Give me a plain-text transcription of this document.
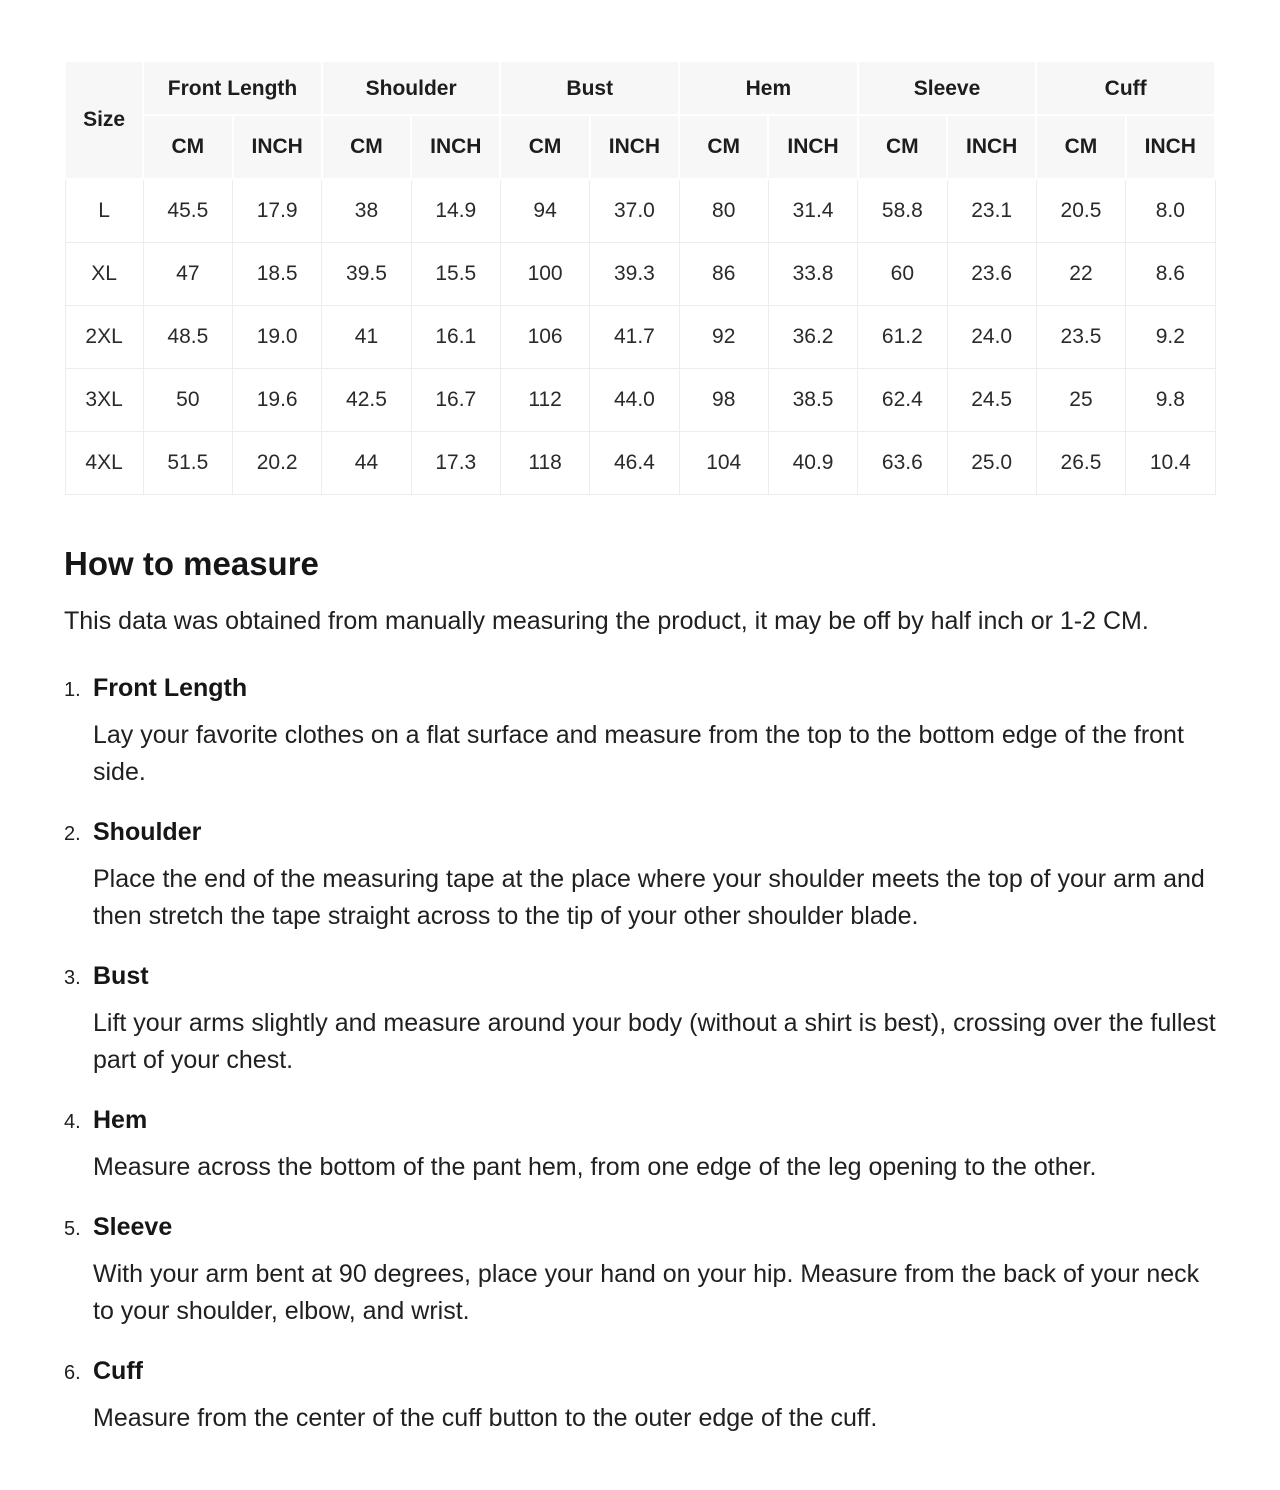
Size	Front Length		Shoulder		Bust		Hem		Sleeve		Cuff	
	CM	INCH	CM	INCH	CM	INCH	CM	INCH	CM	INCH	CM	INCH
L	45.5	17.9	38	14.9	94	37.0	80	31.4	58.8	23.1	20.5	8.0
XL	47	18.5	39.5	15.5	100	39.3	86	33.8	60	23.6	22	8.6
2XL	48.5	19.0	41	16.1	106	41.7	92	36.2	61.2	24.0	23.5	9.2
3XL	50	19.6	42.5	16.7	112	44.0	98	38.5	62.4	24.5	25	9.8
4XL	51.5	20.2	44	17.3	118	46.4	104	40.9	63.6	25.0	26.5	10.4
How to measure

This data was obtained from manually measuring the product, it may be off by half inch or 1-2 CM.

1. Front Length

Lay your favorite clothes on a flat surface and measure from the top to the bottom edge of the front side.

2. Shoulder

Place the end of the measuring tape at the place where your shoulder meets the top of your arm and then stretch the tape straight across to the tip of your other shoulder blade.

3. Bust

Lift your arms slightly and measure around your body (without a shirt is best), crossing over the fullest part of your chest.

4. Hem

Measure across the bottom of the pant hem, from one edge of the leg opening to the other.

5. Sleeve

With your arm bent at 90 degrees, place your hand on your hip. Measure from the back of your neck to your shoulder, elbow, and wrist.

6. Cuff

Measure from the center of the cuff button to the outer edge of the cuff.
